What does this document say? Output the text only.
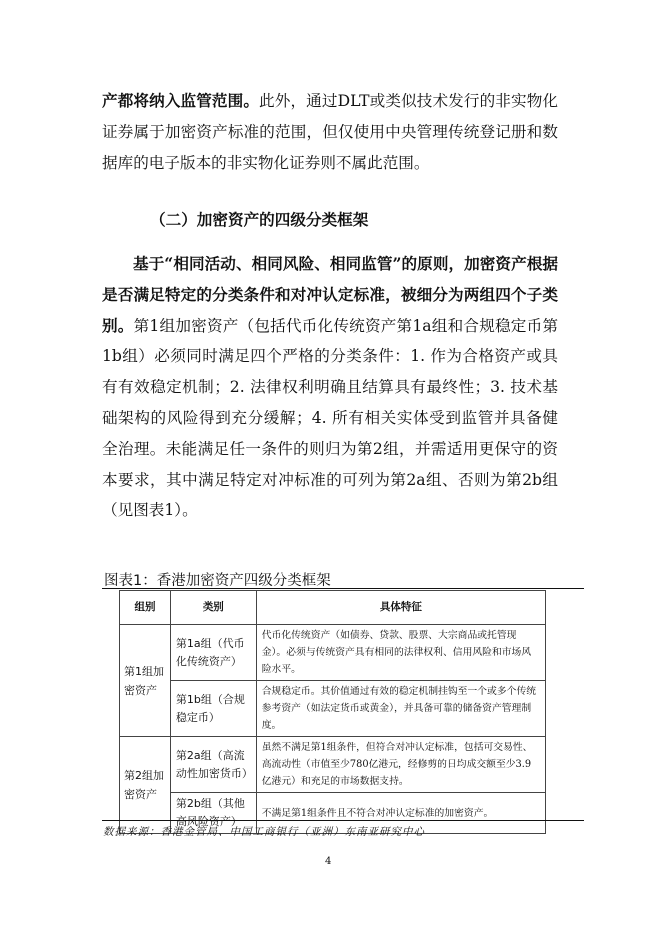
产都将纳入监管范围。此外，通过DLT或类似技术发行的非实物化证券属于加密资产标准的范围，但仅使用中央管理传统登记册和数据库的电子版本的非实物化证券则不属此范围。
（二）加密资产的四级分类框架
基于“相同活动、相同风险、相同监管”的原则，加密资产根据是否满足特定的分类条件和对冲认定标准，被细分为两组四个子类别。第1组加密资产（包括代币化传统资产第1a组和合规稳定币第1b组）必须同时满足四个严格的分类条件：1. 作为合格资产或具有有效稳定机制；2. 法律权利明确且结算具有最终性；3. 技术基础架构的风险得到充分缓解；4. 所有相关实体受到监管并具备健全治理。未能满足任一条件的则归为第2组，并需适用更保守的资本要求，其中满足特定对冲标准的可列为第2a组、否则为第2b组（见图表1）。
图表1：香港加密资产四级分类框架
组别	类别	具体特征
第1组加密资产	第1a组（代币化传统资产）	代币化传统资产（如债券、贷款、股票、大宗商品或托管现金）。必须与传统资产具有相同的法律权利、信用风险和市场风险水平。
	第1b组（合规稳定币）	合规稳定币。其价值通过有效的稳定机制挂钩至一个或多个传统参考资产（如法定货币或黄金），并具备可靠的储备资产管理制度。
第2组加密资产	第2a组（高流动性加密货币）	虽然不满足第1组条件，但符合对冲认定标准，包括可交易性、高流动性（市值至少780亿港元，经修剪的日均成交额至少3.9亿港元）和充足的市场数据支持。
	第2b组（其他高风险资产）	不满足第1组条件且不符合对冲认定标准的加密资产。
数据来源：香港金管局、中国工商银行（亚洲）东南亚研究中心
4
